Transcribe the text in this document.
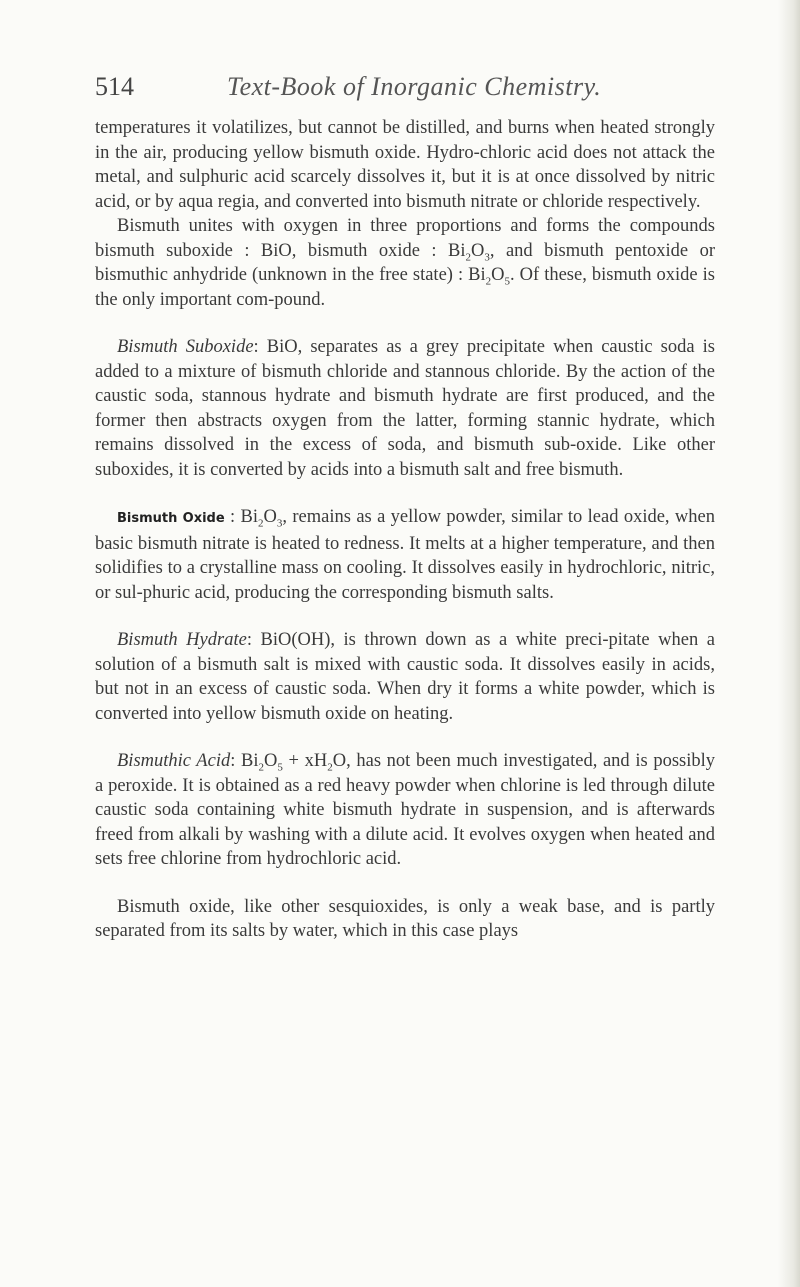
514	Text-Book of Inorganic Chemistry.

temperatures it volatilizes, but cannot be distilled, and burns when heated strongly in the air, producing yellow bismuth oxide. Hydro-chloric acid does not attack the metal, and sulphuric acid scarcely dissolves it, but it is at once dissolved by nitric acid, or by aqua regia, and converted into bismuth nitrate or chloride respectively.

Bismuth unites with oxygen in three proportions and forms the compounds bismuth suboxide : BiO, bismuth oxide : $Bi_2O_3$, and bismuth pentoxide or bismuthic anhydride (unknown in the free state) : $Bi_2O_5$. Of these, bismuth oxide is the only important com-pound.

Bismuth Suboxide: BiO, separates as a grey precipitate when caustic soda is added to a mixture of bismuth chloride and stannous chloride. By the action of the caustic soda, stannous hydrate and bismuth hydrate are first produced, and the former then abstracts oxygen from the latter, forming stannic hydrate, which remains dissolved in the excess of soda, and bismuth sub-oxide. Like other suboxides, it is converted by acids into a bismuth salt and free bismuth.

Bismuth Oxide : $Bi_2O_3$, remains as a yellow powder, similar to lead oxide, when basic bismuth nitrate is heated to redness. It melts at a higher temperature, and then solidifies to a crystalline mass on cooling. It dissolves easily in hydrochloric, nitric, or sul-phuric acid, producing the corresponding bismuth salts.

Bismuth Hydrate: BiO(OH), is thrown down as a white preci-pitate when a solution of a bismuth salt is mixed with caustic soda. It dissolves easily in acids, but not in an excess of caustic soda. When dry it forms a white powder, which is converted into yellow bismuth oxide on heating.

Bismuthic Acid: $Bi_2O_5 + xH_2O$, has not been much investigated, and is possibly a peroxide. It is obtained as a red heavy powder when chlorine is led through dilute caustic soda containing white bismuth hydrate in suspension, and is afterwards freed from alkali by washing with a dilute acid. It evolves oxygen when heated and sets free chlorine from hydrochloric acid.

Bismuth oxide, like other sesquioxides, is only a weak base, and is partly separated from its salts by water, which in this case plays
